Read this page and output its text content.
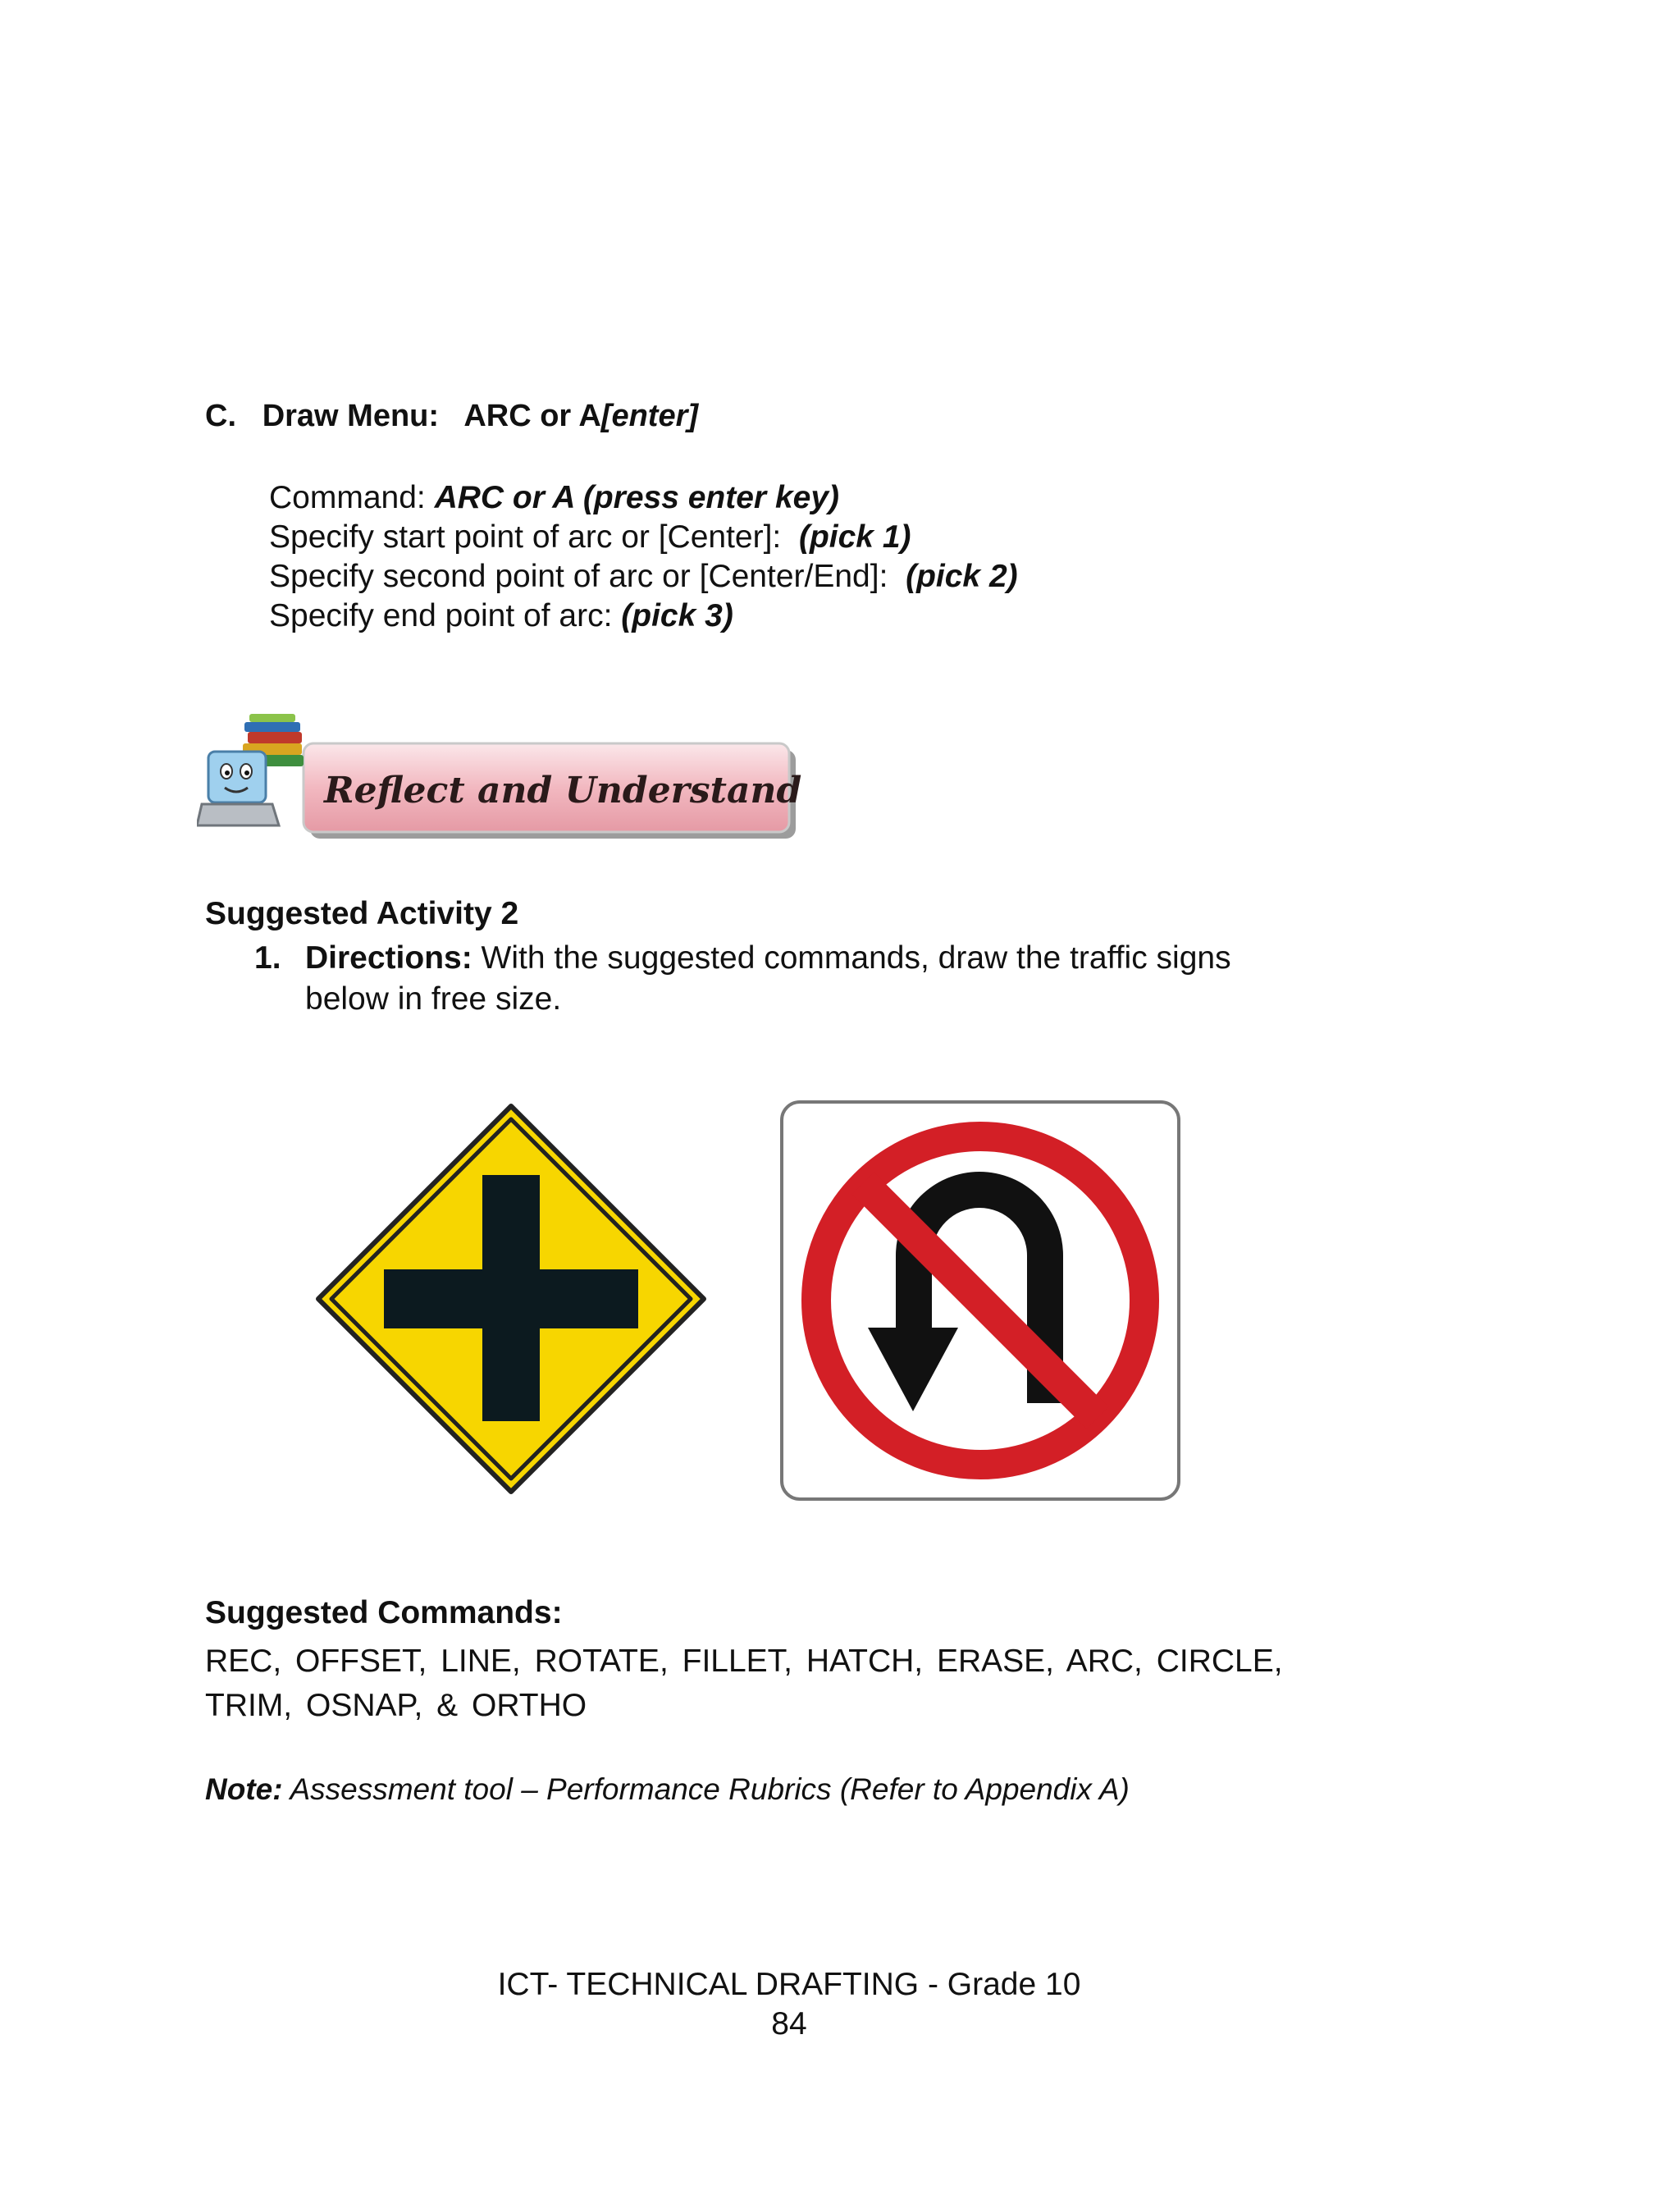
C. Draw Menu: ARC or A[enter]

Command: ARC or A (press enter key)
Specify start point of arc or [Center]: (pick 1)
Specify second point of arc or [Center/End]: (pick 2)
Specify end point of arc: (pick 3)
Reflect and Understand

Suggested Activity 2

1. Directions: With the suggested commands, draw the traffic signs
below in free size.

Suggested Commands:

REC, OFFSET, LINE, ROTATE, FILLET, HATCH, ERASE, ARC, CIRCLE,
TRIM, OSNAP, & ORTHO

Note: Assessment tool – Performance Rubrics (Refer to Appendix A)

ICT- TECHNICAL DRAFTING - Grade 10

84
